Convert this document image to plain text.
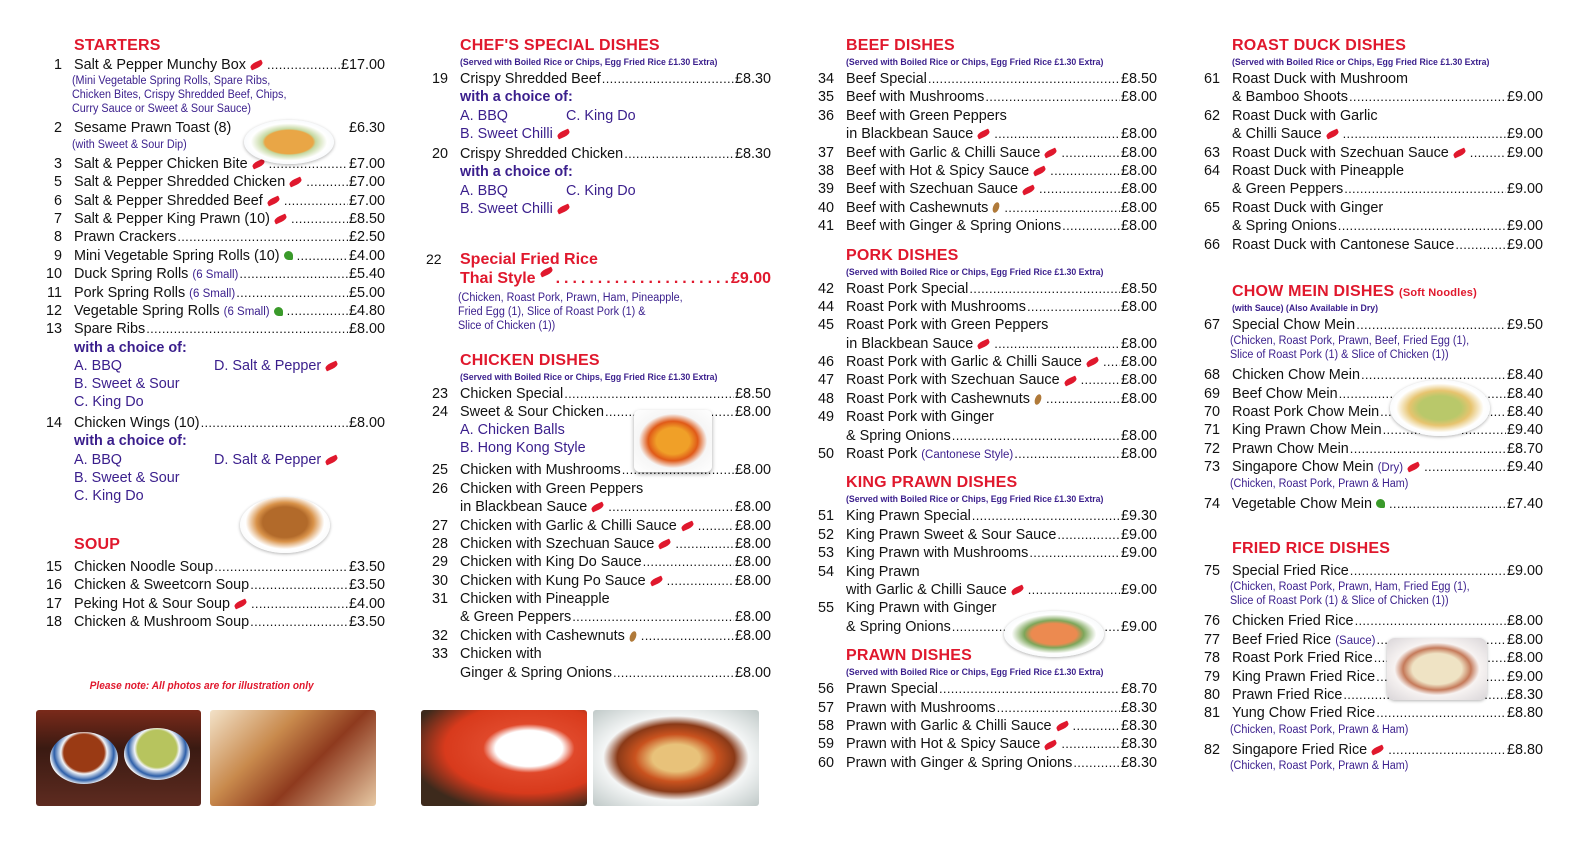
STARTERS
1 Salt & Pepper Munchy Box .....	£17.00
(Mini Vegetable Spring Rolls, Spare Ribs,
Chicken Bites, Crispy Shredded Beef, Chips,
Curry Sauce or Sweet & Sour Sauce)
2 Sesame Prawn Toast (8)	£6.30
(with Sweet & Sour Dip)
3 Salt & Pepper Chicken Bite .....	£7.00
5 Salt & Pepper Shredded Chicken .....	£7.00
6 Salt & Pepper Shredded Beef .....	£7.00
7 Salt & Pepper King Prawn (10) .....	£8.50
8 Prawn Crackers .....	£2.50
9 Mini Vegetable Spring Rolls (10) .....	£4.00
10 Duck Spring Rolls (6 Small) .....	£5.40
11 Pork Spring Rolls (6 Small) .....	£5.00
12 Vegetable Spring Rolls (6 Small) .....	£4.80
13 Spare Ribs .....	£8.00
with a choice of:
A. BBQ	D. Salt & Pepper
B. Sweet & Sour
C. King Do
14 Chicken Wings (10) .....	£8.00
with a choice of:
A. BBQ	D. Salt & Pepper
B. Sweet & Sour
C. King Do
SOUP
15 Chicken Noodle Soup .....	£3.50
16 Chicken & Sweetcorn Soup .....	£3.50
17 Peking Hot & Sour Soup .....	£4.00
18 Chicken & Mushroom Soup .....	£3.50
Please note: All photos are for illustration only
CHEF'S SPECIAL DISHES
(Served with Boiled Rice or Chips, Egg Fried Rice £1.30 Extra)
19 Crispy Shredded Beef .....	£8.30
with a choice of:
A. BBQ	C. King Do
B. Sweet Chilli
20 Crispy Shredded Chicken .....	£8.30
with a choice of:
A. BBQ	C. King Do
B. Sweet Chilli
22	Special Fried Rice
Thai Style .....	£9.00
(Chicken, Roast Pork, Prawn, Ham, Pineapple,
Fried Egg (1), Slice of Roast Pork (1) &
Slice of Chicken (1))
CHICKEN DISHES
(Served with Boiled Rice or Chips, Egg Fried Rice £1.30 Extra)
23 Chicken Special .....	£8.50
24 Sweet & Sour Chicken .....	£8.00
A. Chicken Balls
B. Hong Kong Style
25 Chicken with Mushrooms .....	£8.00
26 Chicken with Green Peppers
in Blackbean Sauce .....	£8.00
27 Chicken with Garlic & Chilli Sauce .....	£8.00
28 Chicken with Szechuan Sauce .....	£8.00
29 Chicken with King Do Sauce .....	£8.00
30 Chicken with Kung Po Sauce .....	£8.00
31 Chicken with Pineapple
& Green Peppers .....	£8.00
32 Chicken with Cashewnuts .....	£8.00
33 Chicken with
Ginger & Spring Onions .....	£8.00
BEEF DISHES
(Served with Boiled Rice or Chips, Egg Fried Rice £1.30 Extra)
34 Beef Special .....	£8.50
35 Beef with Mushrooms .....	£8.00
36 Beef with Green Peppers
in Blackbean Sauce .....	£8.00
37 Beef with Garlic & Chilli Sauce .....	£8.00
38 Beef with Hot & Spicy Sauce .....	£8.00
39 Beef with Szechuan Sauce .....	£8.00
40 Beef with Cashewnuts .....	£8.00
41 Beef with Ginger & Spring Onions .....	£8.00
PORK DISHES
(Served with Boiled Rice or Chips, Egg Fried Rice £1.30 Extra)
42 Roast Pork Special .....	£8.50
44 Roast Pork with Mushrooms .....	£8.00
45 Roast Pork with Green Peppers
in Blackbean Sauce .....	£8.00
46 Roast Pork with Garlic & Chilli Sauce .....	£8.00
47 Roast Pork with Szechuan Sauce .....	£8.00
48 Roast Pork with Cashewnuts .....	£8.00
49 Roast Pork with Ginger
& Spring Onions .....	£8.00
50 Roast Pork (Cantonese Style) .....	£8.00
KING PRAWN DISHES
(Served with Boiled Rice or Chips, Egg Fried Rice £1.30 Extra)
51 King Prawn Special .....	£9.30
52 King Prawn Sweet & Sour Sauce .....	£9.00
53 King Prawn with Mushrooms .....	£9.00
54 King Prawn
with Garlic & Chilli Sauce .....	£9.00
55 King Prawn with Ginger
& Spring Onions .....	£9.00
PRAWN DISHES
(Served with Boiled Rice or Chips, Egg Fried Rice £1.30 Extra)
56 Prawn Special .....	£8.70
57 Prawn with Mushrooms .....	£8.30
58 Prawn with Garlic & Chilli Sauce .....	£8.30
59 Prawn with Hot & Spicy Sauce .....	£8.30
60 Prawn with Ginger & Spring Onions .....	£8.30
ROAST DUCK DISHES
(Served with Boiled Rice or Chips, Egg Fried Rice £1.30 Extra)
61 Roast Duck with Mushroom
& Bamboo Shoots .....	£9.00
62 Roast Duck with Garlic
& Chilli Sauce .....	£9.00
63 Roast Duck with Szechuan Sauce .....	£9.00
64 Roast Duck with Pineapple
& Green Peppers .....	£9.00
65 Roast Duck with Ginger
& Spring Onions .....	£9.00
66 Roast Duck with Cantonese Sauce .....	£9.00
CHOW MEIN DISHES (Soft Noodles)
(with Sauce) (Also Available in Dry)
67 Special Chow Mein .....	£9.50
(Chicken, Roast Pork, Prawn, Beef, Fried Egg (1),
Slice of Roast Pork (1) & Slice of Chicken (1))
68 Chicken Chow Mein .....	£8.40
69 Beef Chow Mein .....	£8.40
70 Roast Pork Chow Mein .....	£8.40
71 King Prawn Chow Mein .....	£9.40
72 Prawn Chow Mein .....	£8.70
73 Singapore Chow Mein (Dry) .....	£9.40
(Chicken, Roast Pork, Prawn & Ham)
74 Vegetable Chow Mein .....	£7.40
FRIED RICE DISHES
75 Special Fried Rice .....	£9.00
(Chicken, Roast Pork, Prawn, Ham, Fried Egg (1),
Slice of Roast Pork (1) & Slice of Chicken (1))
76 Chicken Fried Rice .....	£8.00
77 Beef Fried Rice (Sauce) .....	£8.00
78 Roast Pork Fried Rice .....	£8.00
79 King Prawn Fried Rice .....	£9.00
80 Prawn Fried Rice .....	£8.30
81 Yung Chow Fried Rice .....	£8.80
(Chicken, Roast Pork, Prawn & Ham)
82 Singapore Fried Rice .....	£8.80
(Chicken, Roast Pork, Prawn & Ham)
